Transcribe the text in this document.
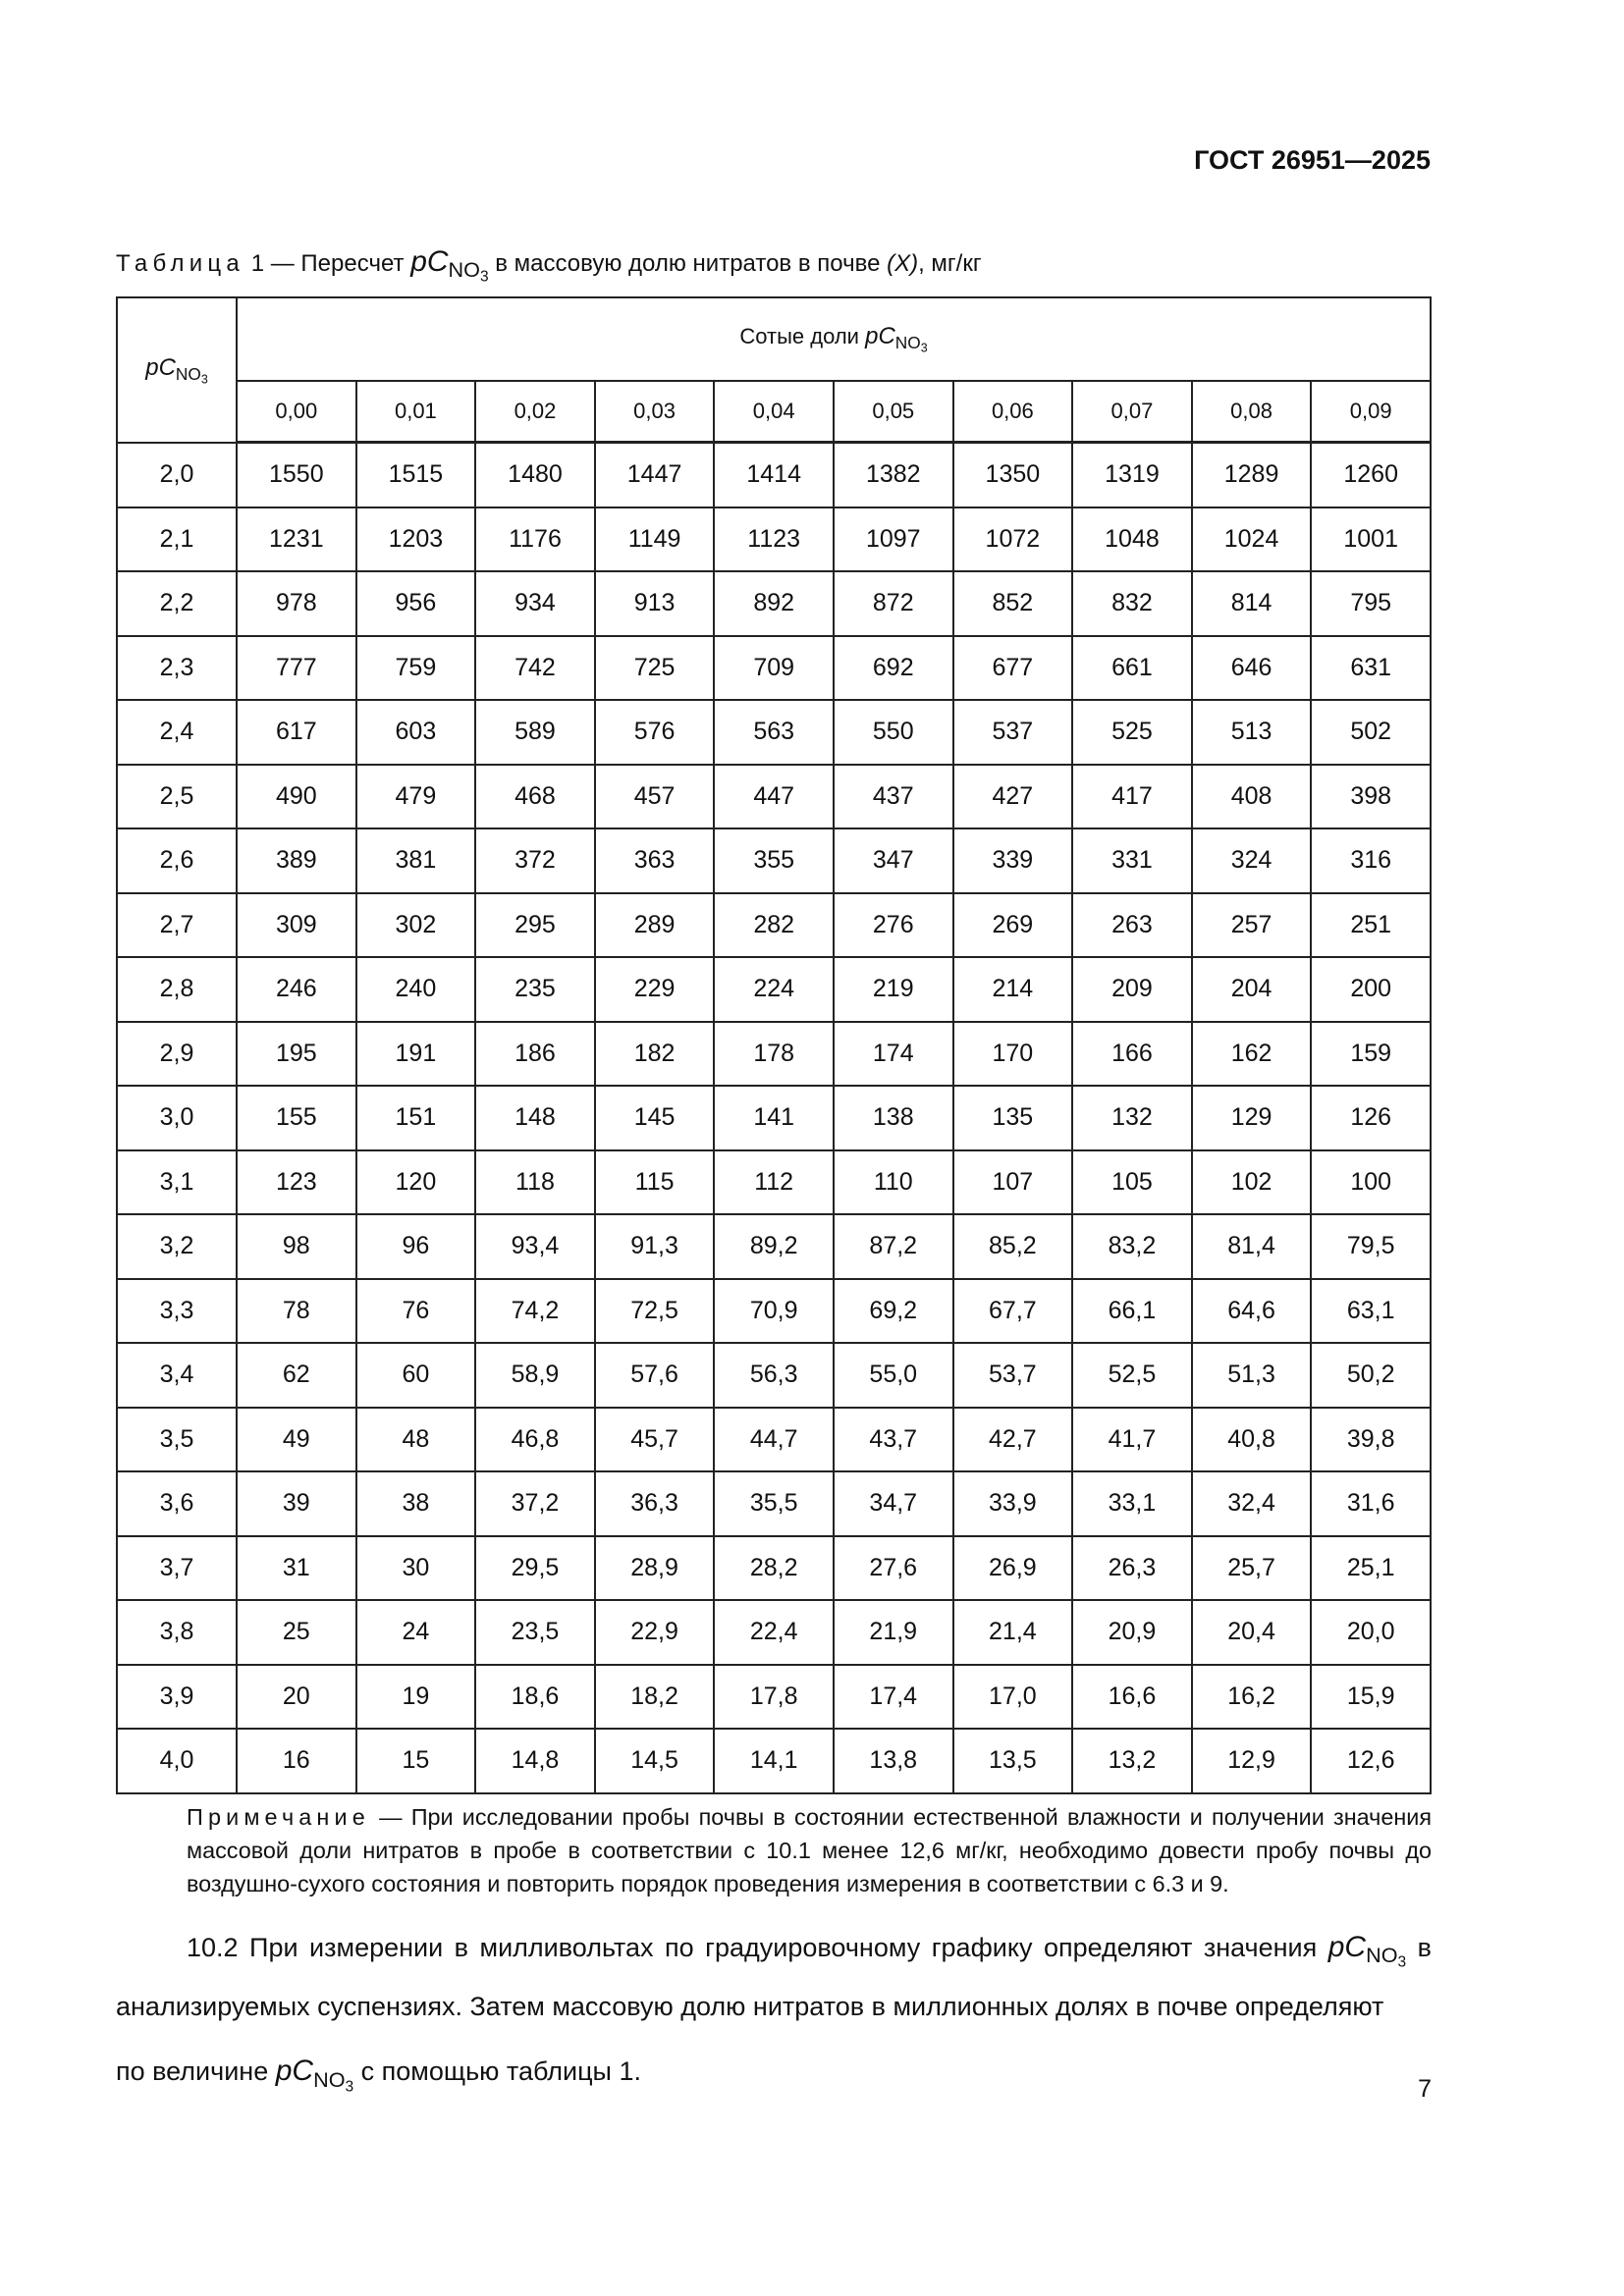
ГОСТ 26951—2025
Таблица 1 — Пересчет $pC_{NO_3}$ в массовую долю нитратов в почве (X), мг/кг
$pC_{NO_3}$	Сотые доли $pC_{NO_3}$
	0,00	0,01	0,02	0,03	0,04	0,05	0,06	0,07	0,08	0,09
2,0	1550	1515	1480	1447	1414	1382	1350	1319	1289	1260
2,1	1231	1203	1176	1149	1123	1097	1072	1048	1024	1001
2,2	978	956	934	913	892	872	852	832	814	795
2,3	777	759	742	725	709	692	677	661	646	631
2,4	617	603	589	576	563	550	537	525	513	502
2,5	490	479	468	457	447	437	427	417	408	398
2,6	389	381	372	363	355	347	339	331	324	316
2,7	309	302	295	289	282	276	269	263	257	251
2,8	246	240	235	229	224	219	214	209	204	200
2,9	195	191	186	182	178	174	170	166	162	159
3,0	155	151	148	145	141	138	135	132	129	126
3,1	123	120	118	115	112	110	107	105	102	100
3,2	98	96	93,4	91,3	89,2	87,2	85,2	83,2	81,4	79,5
3,3	78	76	74,2	72,5	70,9	69,2	67,7	66,1	64,6	63,1
3,4	62	60	58,9	57,6	56,3	55,0	53,7	52,5	51,3	50,2
3,5	49	48	46,8	45,7	44,7	43,7	42,7	41,7	40,8	39,8
3,6	39	38	37,2	36,3	35,5	34,7	33,9	33,1	32,4	31,6
3,7	31	30	29,5	28,9	28,2	27,6	26,9	26,3	25,7	25,1
3,8	25	24	23,5	22,9	22,4	21,9	21,4	20,9	20,4	20,0
3,9	20	19	18,6	18,2	17,8	17,4	17,0	16,6	16,2	15,9
4,0	16	15	14,8	14,5	14,1	13,8	13,5	13,2	12,9	12,6
Примечание — При исследовании пробы почвы в состоянии естественной влажности и получении значения массовой доли нитратов в пробе в соответствии с 10.1 менее 12,6 мг/кг, необходимо довести пробу почвы до воздушно-сухого состояния и повторить порядок проведения измерения в соответствии с 6.3 и 9.
10.2 При измерении в милливольтах по градуировочному графику определяют значения $pC_{NO_3}$ в анализируемых суспензиях. Затем массовую долю нитратов в миллионных долях в почве определяют
по величине $pC_{NO_3}$ с помощью таблицы 1.
7
